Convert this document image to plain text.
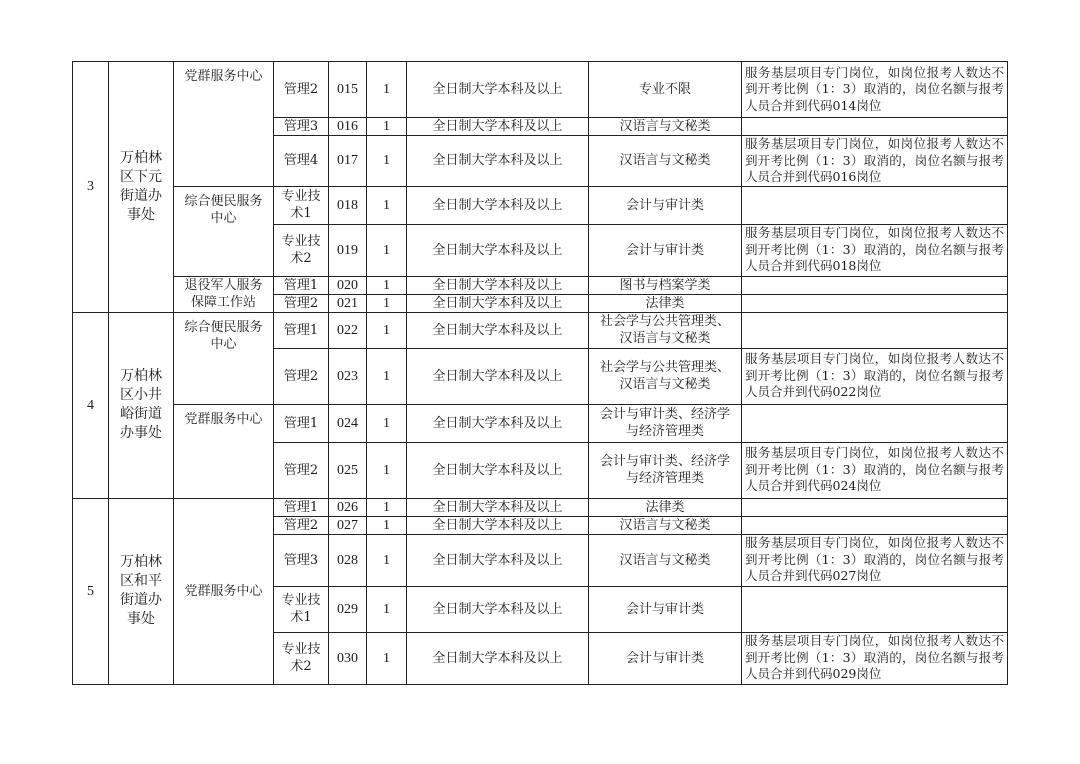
3	万柏林区下元街道办事处	党群服务中心	管理2	015	1	全日制大学本科及以上	专业不限	服务基层项目专门岗位，如岗位报考人数达不到开考比例（1：3）取消的，岗位名额与报考人员合并到代码014岗位
			管理3	016	1	全日制大学本科及以上	汉语言与文秘类	
			管理4	017	1	全日制大学本科及以上	汉语言与文秘类	服务基层项目专门岗位，如岗位报考人数达不到开考比例（1：3）取消的，岗位名额与报考人员合并到代码016岗位
		综合便民服务中心	专业技术1	018	1	全日制大学本科及以上	会计与审计类	
			专业技术2	019	1	全日制大学本科及以上	会计与审计类	服务基层项目专门岗位，如岗位报考人数达不到开考比例（1：3）取消的，岗位名额与报考人员合并到代码018岗位
		退役军人服务保障工作站	管理1	020	1	全日制大学本科及以上	图书与档案学类	
			管理2	021	1	全日制大学本科及以上	法律类	
4	万柏林区小井峪街道办事处	综合便民服务中心	管理1	022	1	全日制大学本科及以上	社会学与公共管理类、汉语言与文秘类	
			管理2	023	1	全日制大学本科及以上	社会学与公共管理类、汉语言与文秘类	服务基层项目专门岗位，如岗位报考人数达不到开考比例（1：3）取消的，岗位名额与报考人员合并到代码022岗位
		党群服务中心	管理1	024	1	全日制大学本科及以上	会计与审计类、经济学与经济管理类	
			管理2	025	1	全日制大学本科及以上	会计与审计类、经济学与经济管理类	服务基层项目专门岗位，如岗位报考人数达不到开考比例（1：3）取消的，岗位名额与报考人员合并到代码024岗位
5	万柏林区和平街道办事处	党群服务中心	管理1	026	1	全日制大学本科及以上	法律类	
			管理2	027	1	全日制大学本科及以上	汉语言与文秘类	
			管理3	028	1	全日制大学本科及以上	汉语言与文秘类	服务基层项目专门岗位，如岗位报考人数达不到开考比例（1：3）取消的，岗位名额与报考人员合并到代码027岗位
			专业技术1	029	1	全日制大学本科及以上	会计与审计类	
			专业技术2	030	1	全日制大学本科及以上	会计与审计类	服务基层项目专门岗位，如岗位报考人数达不到开考比例（1：3）取消的，岗位名额与报考人员合并到代码029岗位
